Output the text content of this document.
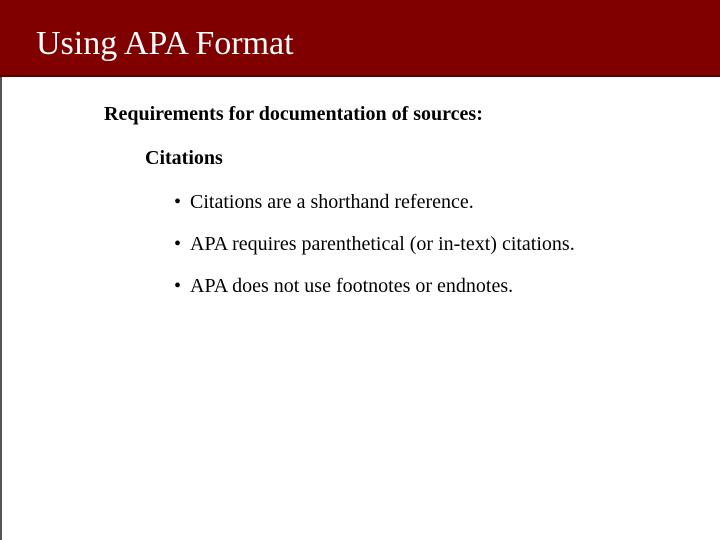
Using APA Format
Requirements for documentation of sources:
Citations
• Citations are a shorthand reference.
• APA requires parenthetical (or in-text) citations.
• APA does not use footnotes or endnotes.
